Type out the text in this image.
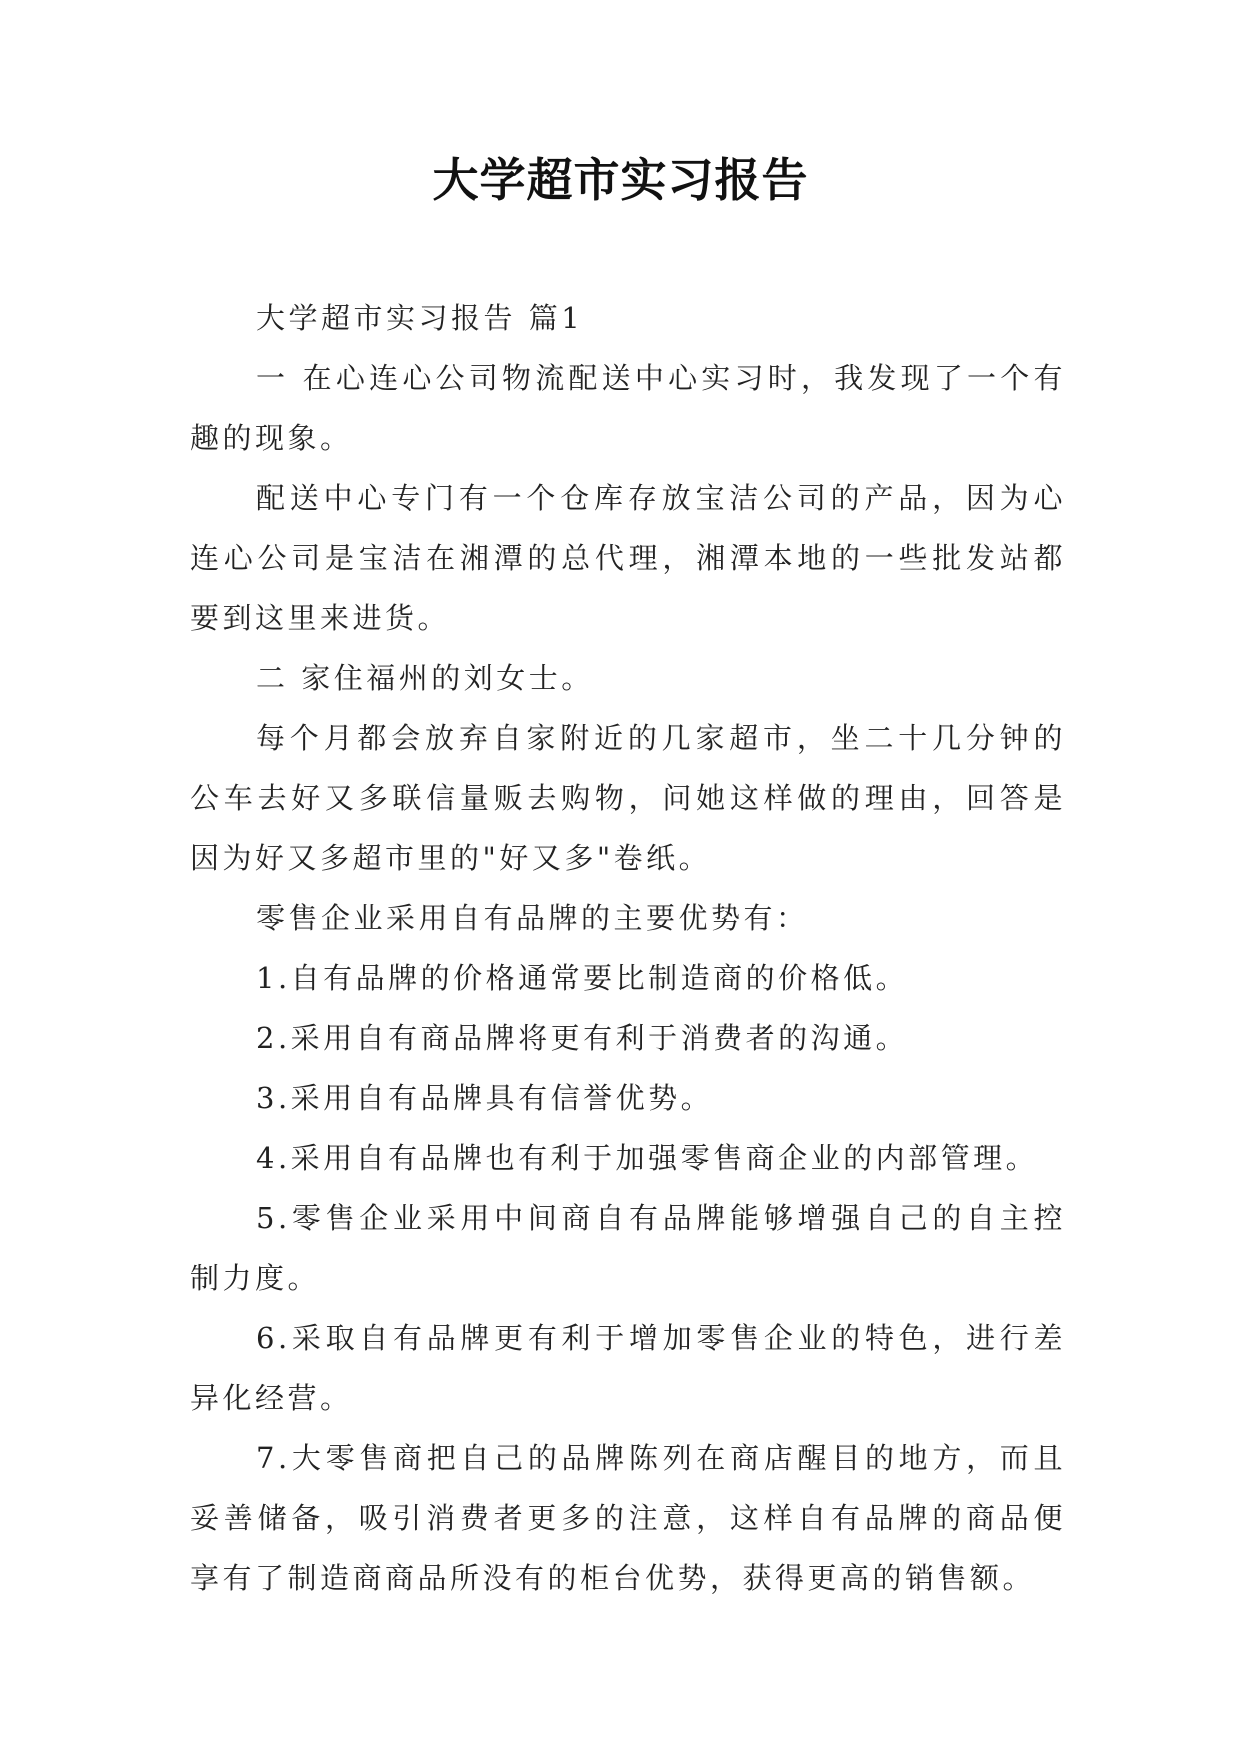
大学超市实习报告

大学超市实习报告 篇1

一 在心连心公司物流配送中心实习时，我发现了一个有趣的现象。

配送中心专门有一个仓库存放宝洁公司的产品，因为心连心公司是宝洁在湘潭的总代理，湘潭本地的一些批发站都要到这里来进货。

二 家住福州的刘女士。

每个月都会放弃自家附近的几家超市，坐二十几分钟的公车去好又多联信量贩去购物，问她这样做的理由，回答是因为好又多超市里的"好又多"卷纸。

零售企业采用自有品牌的主要优势有：

1.自有品牌的价格通常要比制造商的价格低。

2.采用自有商品牌将更有利于消费者的沟通。

3.采用自有品牌具有信誉优势。

4.采用自有品牌也有利于加强零售商企业的内部管理。

5.零售企业采用中间商自有品牌能够增强自己的自主控制力度。

6.采取自有品牌更有利于增加零售企业的特色，进行差异化经营。

7.大零售商把自己的品牌陈列在商店醒目的地方，而且妥善储备，吸引消费者更多的注意，这样自有品牌的商品便享有了制造商商品所没有的柜台优势，获得更高的销售额。
